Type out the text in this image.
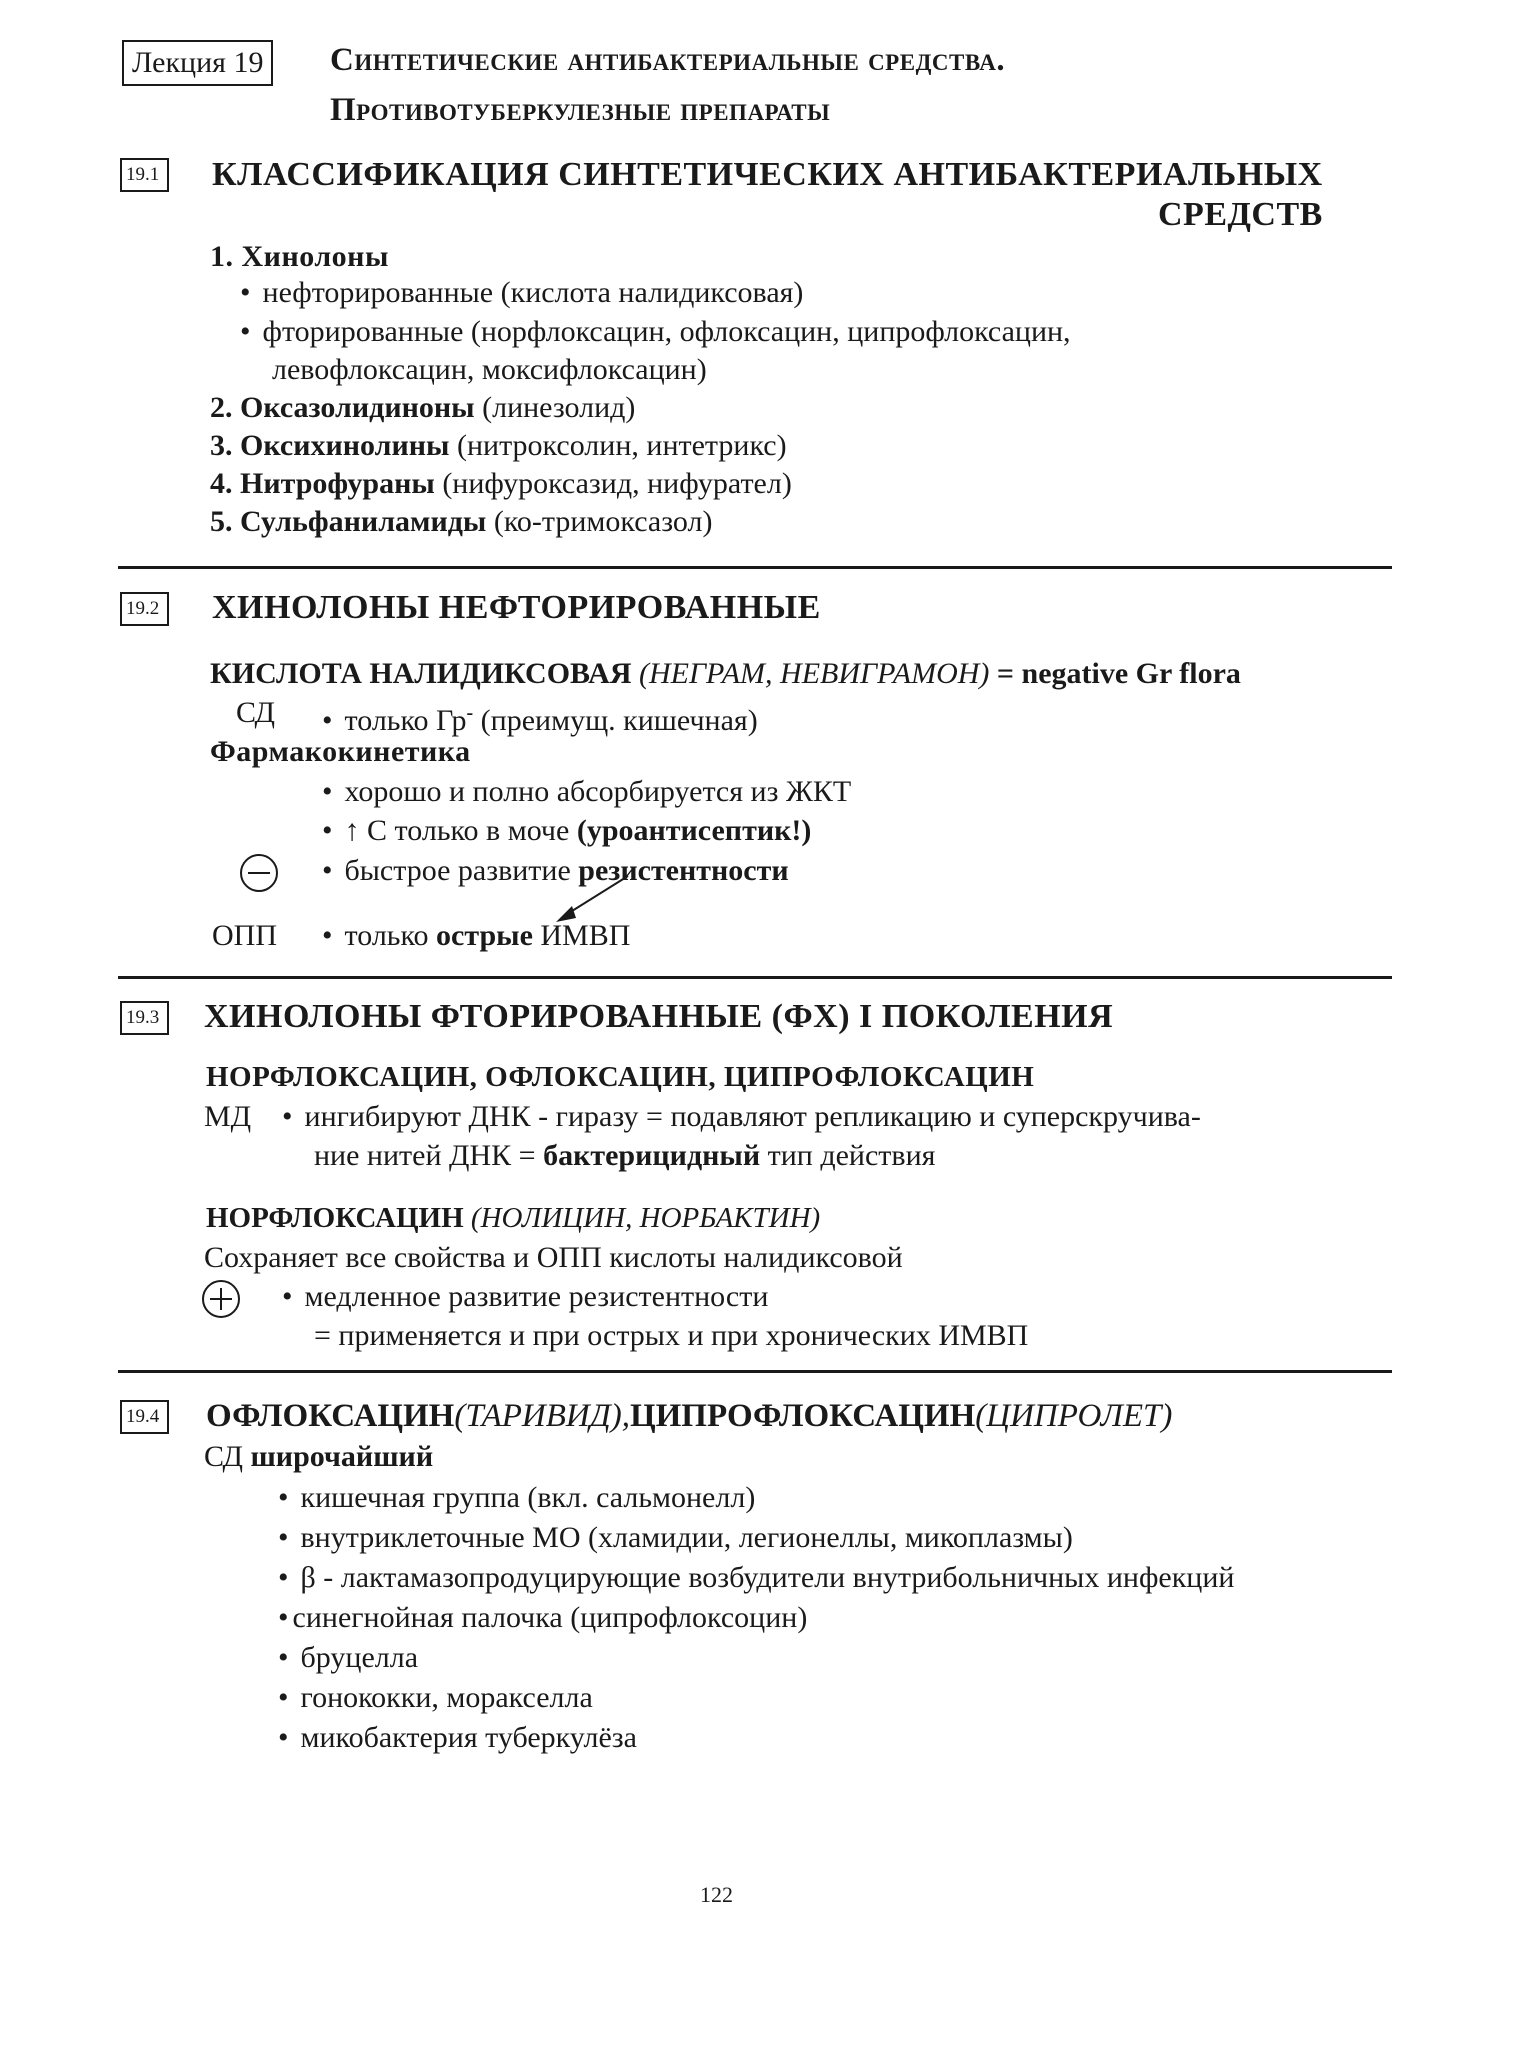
Лекция 19	Синтетические антибактериальные средства.
Противотуберкулезные препараты
19.1 КЛАССИФИКАЦИЯ СИНТЕТИЧЕСКИХ АНТИБАКТЕРИАЛЬНЫХ
СРЕДСТВ
1. Хинолоны
• нефторированные (кислота налидиксовая)
• фторированные (норфлоксацин, офлоксацин, ципрофлоксацин,
левофлоксацин, моксифлоксацин)
2. Оксазолидиноны (линезолид)
3. Оксихинолины (нитроксолин, интетрикс)
4. Нитрофураны (нифуроксазид, нифурател)
5. Сульфаниламиды (ко-тримоксазол)
19.2 ХИНОЛОНЫ НЕФТОРИРОВАННЫЕ
КИСЛОТА НАЛИДИКСОВАЯ (НЕГРАМ, НЕВИГРАМОН) = negative Gr flora
СД • только Гр- (преимущ. кишечная)
Фармакокинетика
• хорошо и полно абсорбируется из ЖКТ
• ↑ С только в моче (уроантисептик!)
• быстрое развитие резистентности
ОПП • только острые ИМВП
19.3 ХИНОЛОНЫ ФТОРИРОВАННЫЕ (ФХ) I ПОКОЛЕНИЯ
НОРФЛОКСАЦИН, ОФЛОКСАЦИН, ЦИПРОФЛОКСАЦИН
МД • ингибируют ДНК - гиразу = подавляют репликацию и суперскручива-
ние нитей ДНК = бактерицидный тип действия
НОРФЛОКСАЦИН (НОЛИЦИН, НОРБАКТИН)
Сохраняет все свойства и ОПП кислоты налидиксовой
• медленное развитие резистентности
= применяется и при острых и при хронических ИМВП
19.4	ОФЛОКСАЦИН(ТАРИВИД),ЦИПРОФЛОКСАЦИН(ЦИПРОЛЕТ)
СД широчайший
• кишечная группа (вкл. сальмонелл)
• внутриклеточные МО (хламидии, легионеллы, микоплазмы)
• β - лактамазопродуцирующие возбудители внутрибольничных инфекций
• синегнойная палочка (ципрофлоксоцин)
• бруцелла
• гонококки, моракселла
• микобактерия туберкулёза
122
